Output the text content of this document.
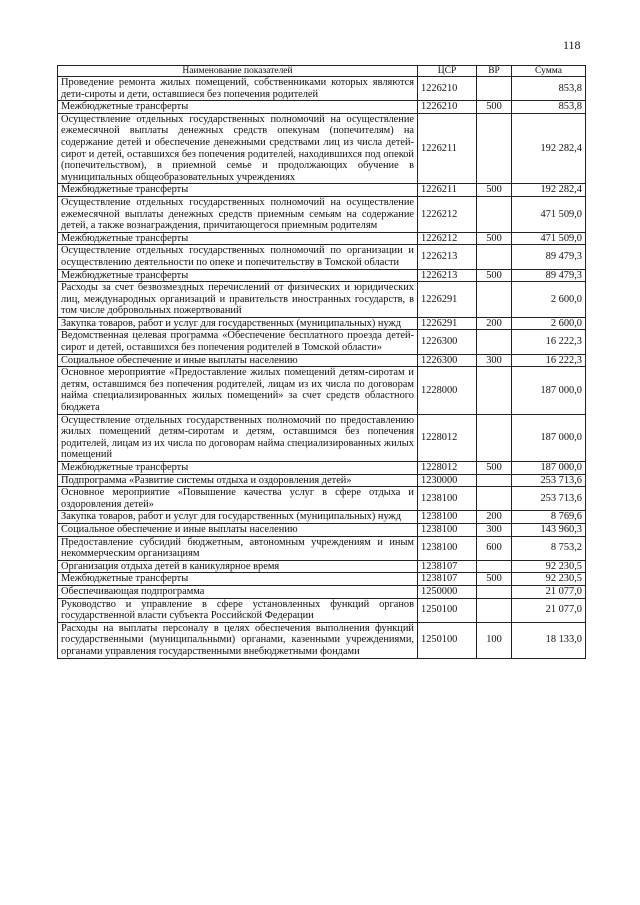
118
Наименование показателей	ЦСР	ВР	Сумма
Проведение ремонта жилых помещений, собственниками которых являются дети-сироты и дети, оставшиеся без попечения родителей	1226210		853,8
Межбюджетные трансферты	1226210	500	853,8
Осуществление отдельных государственных полномочий на осуществление ежемесячной выплаты денежных средств опекунам (попечителям) на содержание детей и обеспечение денежными средствами лиц из числа детей-сирот и детей, оставшихся без попечения родителей, находившихся под опекой (попечительством), в приемной семье и продолжающих обучение в муниципальных общеобразовательных учреждениях	1226211		192 282,4
Межбюджетные трансферты	1226211	500	192 282,4
Осуществление отдельных государственных полномочий на осуществление ежемесячной выплаты денежных средств приемным семьям на содержание детей, а также вознаграждения, причитающегося приемным родителям	1226212		471 509,0
Межбюджетные трансферты	1226212	500	471 509,0
Осуществление отдельных государственных полномочий по организации и осуществлению деятельности по опеке и попечительству в Томской области	1226213		89 479,3
Межбюджетные трансферты	1226213	500	89 479,3
Расходы за счет безвозмездных перечислений от физических и юридических лиц, международных организаций и правительств иностранных государств, в том числе добровольных пожертвований	1226291		2 600,0
Закупка товаров, работ и услуг для государственных (муниципальных) нужд	1226291	200	2 600,0
Ведомственная целевая программа «Обеспечение бесплатного проезда детей-сирот и детей, оставшихся без попечения родителей в Томской области»	1226300		16 222,3
Социальное обеспечение и иные выплаты населению	1226300	300	16 222,3
Основное мероприятие «Предоставление жилых помещений детям-сиротам и детям, оставшимся без попечения родителей, лицам из их числа по договорам найма специализированных жилых помещений» за счет средств областного бюджета	1228000		187 000,0
Осуществление отдельных государственных полномочий по предоставлению жилых помещений детям-сиротам и детям, оставшимся без попечения родителей, лицам из их числа по договорам найма специализированных жилых помещений	1228012		187 000,0
Межбюджетные трансферты	1228012	500	187 000,0
Подпрограмма «Развитие системы отдыха и оздоровления детей»	1230000		253 713,6
Основное мероприятие «Повышение качества услуг в сфере отдыха и оздоровления детей»	1238100		253 713,6
Закупка товаров, работ и услуг для государственных (муниципальных) нужд	1238100	200	8 769,6
Социальное обеспечение и иные выплаты населению	1238100	300	143 960,3
Предоставление субсидий бюджетным, автономным учреждениям и иным некоммерческим организациям	1238100	600	8 753,2
Организация отдыха детей в каникулярное время	1238107		92 230,5
Межбюджетные трансферты	1238107	500	92 230,5
Обеспечивающая подпрограмма	1250000		21 077,0
Руководство и управление в сфере установленных функций органов государственной власти субъекта Российской Федерации	1250100		21 077,0
Расходы на выплаты персоналу в целях обеспечения выполнения функций государственными (муниципальными) органами, казенными учреждениями, органами управления государственными внебюджетными фондами	1250100	100	18 133,0
